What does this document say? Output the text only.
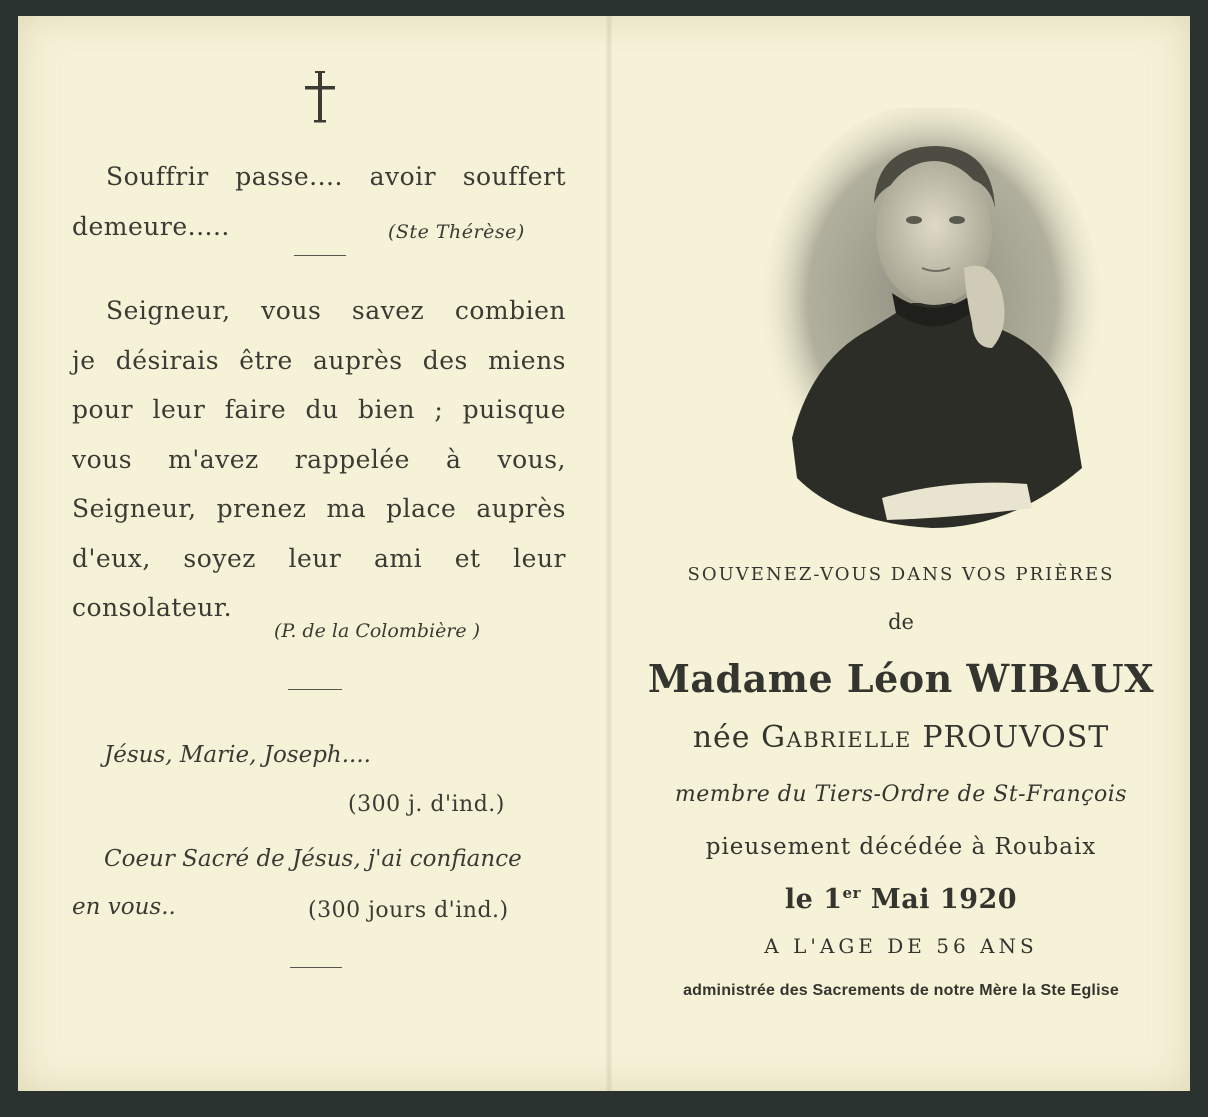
Souffrir passe.... avoir souffert
demeure.....	(Ste Thérèse)
Seigneur, vous savez combien
je désirais être auprès des miens
pour leur faire du bien ; puisque
vous m'avez rappelée à vous,
Seigneur, prenez ma place auprès
d'eux, soyez leur ami et leur
consolateur.
(P. de la Colombière )
Jésus, Marie, Joseph....
(300 j. d'ind.)
Coeur Sacré de Jésus, j'ai confiance
en vous..	(300 jours d'ind.)
SOUVENEZ-VOUS DANS VOS PRIÈRES
de
Madame Léon WIBAUX
née Gabrielle PROUVOST
membre du Tiers-Ordre de St-François
pieusement décédée à Roubaix
le 1er Mai 1920
A L'AGE DE 56 ANS
administrée des Sacrements de notre Mère la Ste Eglise
